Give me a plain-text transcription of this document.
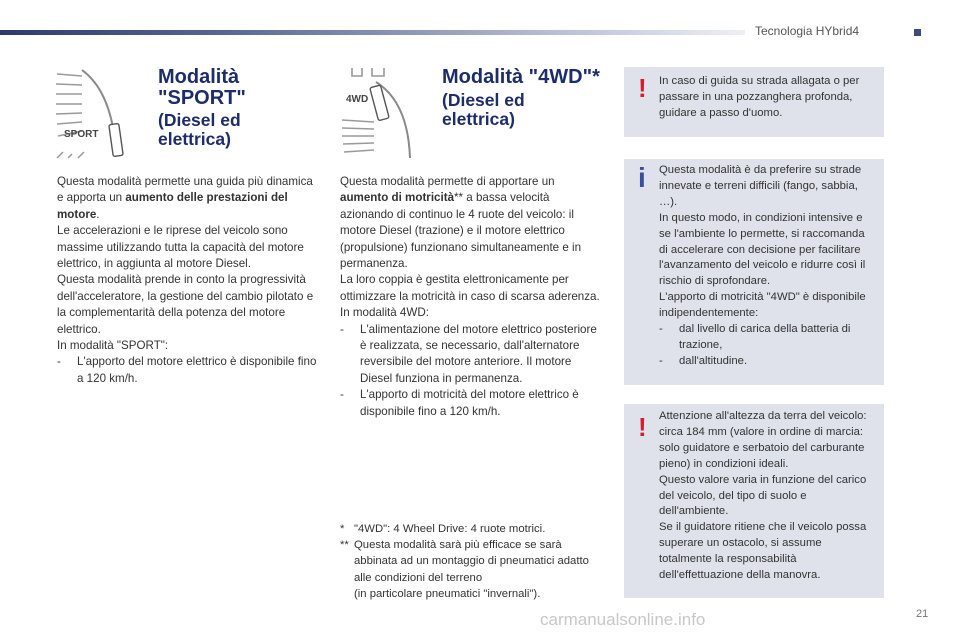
Tecnologia HYbrid4
SPORT
Modalità "SPORT"
(Diesel ed elettrica)

Questa modalità permette una guida più dinamica e apporta un aumento delle prestazioni del motore.

Le accelerazioni e le riprese del veicolo sono massime utilizzando tutta la capacità del motore elettrico, in aggiunta al motore Diesel.

Questa modalità prende in conto la progressività dell'acceleratore, la gestione del cambio pilotato e la complementarità della potenza del motore elettrico.

In modalità "SPORT":

-	L'apporto del motore elettrico è disponibile fino a 120 km/h.
4WD
Modalità "4WD"*
(Diesel ed elettrica)

Questa modalità permette di apportare un aumento di motricità** a bassa velocità azionando di continuo le 4 ruote del veicolo: il motore Diesel (trazione) e il motore elettrico (propulsione) funzionano simultaneamente e in permanenza.

La loro coppia è gestita elettronicamente per ottimizzare la motricità in caso di scarsa aderenza.

In modalità 4WD:

-	L'alimentazione del motore elettrico posteriore è realizzata, se necessario, dall'alternatore reversibile del motore anteriore. Il motore Diesel funziona in permanenza.
-	L'apporto di motricità del motore elettrico è disponibile fino a 120 km/h.
* "4WD": 4 Wheel Drive: 4 ruote motrici.
** Questa modalità sarà più efficace se sarà abbinata ad un montaggio di pneumatici adatto alle condizioni del terreno
(in particolare pneumatici "invernali").
! In caso di guida su strada allagata o per passare in una pozzanghera profonda, guidare a passo d'uomo.
i Questa modalità è da preferire su strade innevate e terreni difficili (fango, sabbia, …).

In questo modo, in condizioni intensive e se l'ambiente lo permette, si raccomanda di accelerare con decisione per facilitare l'avanzamento del veicolo e ridurre così il rischio di sprofondare.

L'apporto di motricità "4WD" è disponibile indipendentemente:

-	dal livello di carica della batteria di trazione,
-	dall'altitudine.
! Attenzione all'altezza da terra del veicolo: circa 184 mm (valore in ordine di marcia: solo guidatore e serbatoio del carburante pieno) in condizioni ideali.

Questo valore varia in funzione del carico del veicolo, del tipo di suolo e dell'ambiente.

Se il guidatore ritiene che il veicolo possa superare un ostacolo, si assume totalmente la responsabilità dell'effettuazione della manovra.

carmanualsonline.info	21
